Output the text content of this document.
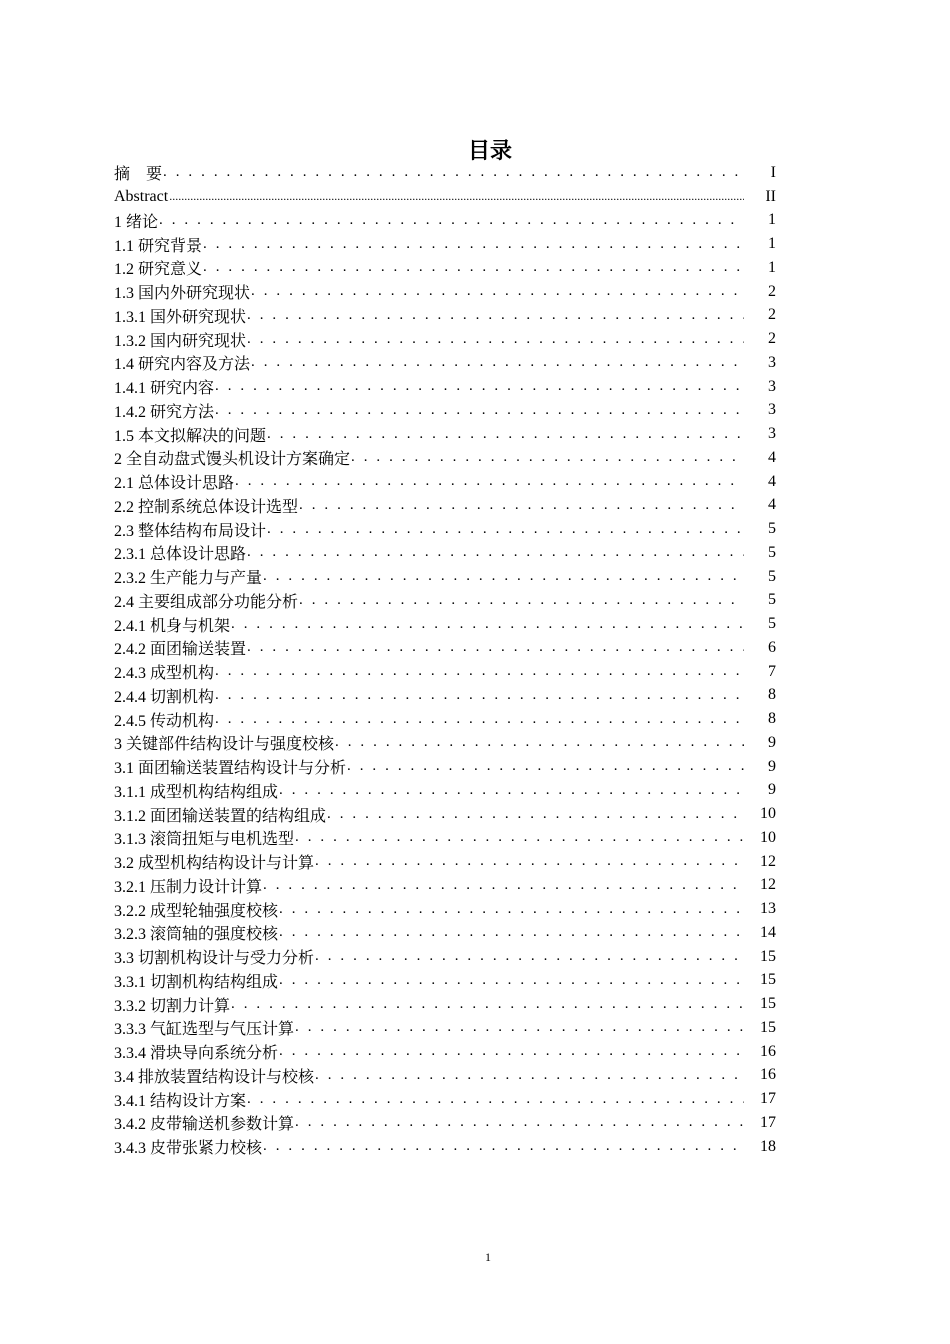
目录
摘　要 . . .	I
Abstract .....	II
1 绪论 . . .	1
1.1 研究背景 . . .	1
1.2 研究意义 . . .	1
1.3 国内外研究现状 . . .	2
1.3.1 国外研究现状 . . .	2
1.3.2 国内研究现状 . . .	2
1.4 研究内容及方法 . . .	3
1.4.1 研究内容 . . .	3
1.4.2 研究方法 . . .	3
1.5 本文拟解决的问题 . . .	3
2 全自动盘式馒头机设计方案确定 . . .	4
2.1 总体设计思路 . . .	4
2.2 控制系统总体设计选型 . . .	4
2.3 整体结构布局设计 . . .	5
2.3.1 总体设计思路 . . .	5
2.3.2 生产能力与产量 . . .	5
2.4 主要组成部分功能分析 . . .	5
2.4.1 机身与机架 . . .	5
2.4.2 面团输送装置 . . .	6
2.4.3 成型机构 . . .	7
2.4.4 切割机构 . . .	8
2.4.5 传动机构 . . .	8
3 关键部件结构设计与强度校核 . . .	9
3.1 面团输送装置结构设计与分析 . . .	9
3.1.1 成型机构结构组成 . . .	9
3.1.2 面团输送装置的结构组成 . . .	10
3.1.3 滚筒扭矩与电机选型 . . .	10
3.2 成型机构结构设计与计算 . . .	12
3.2.1 压制力设计计算 . . .	12
3.2.2 成型轮轴强度校核 . . .	13
3.2.3 滚筒轴的强度校核 . . .	14
3.3 切割机构设计与受力分析 . . .	15
3.3.1 切割机构结构组成 . . .	15
3.3.2 切割力计算 . . .	15
3.3.3 气缸选型与气压计算 . . .	15
3.3.4 滑块导向系统分析 . . .	16
3.4 排放装置结构设计与校核 . . .	16
3.4.1 结构设计方案 . . .	17
3.4.2 皮带输送机参数计算 . . .	17
3.4.3 皮带张紧力校核 . . .	18
1
